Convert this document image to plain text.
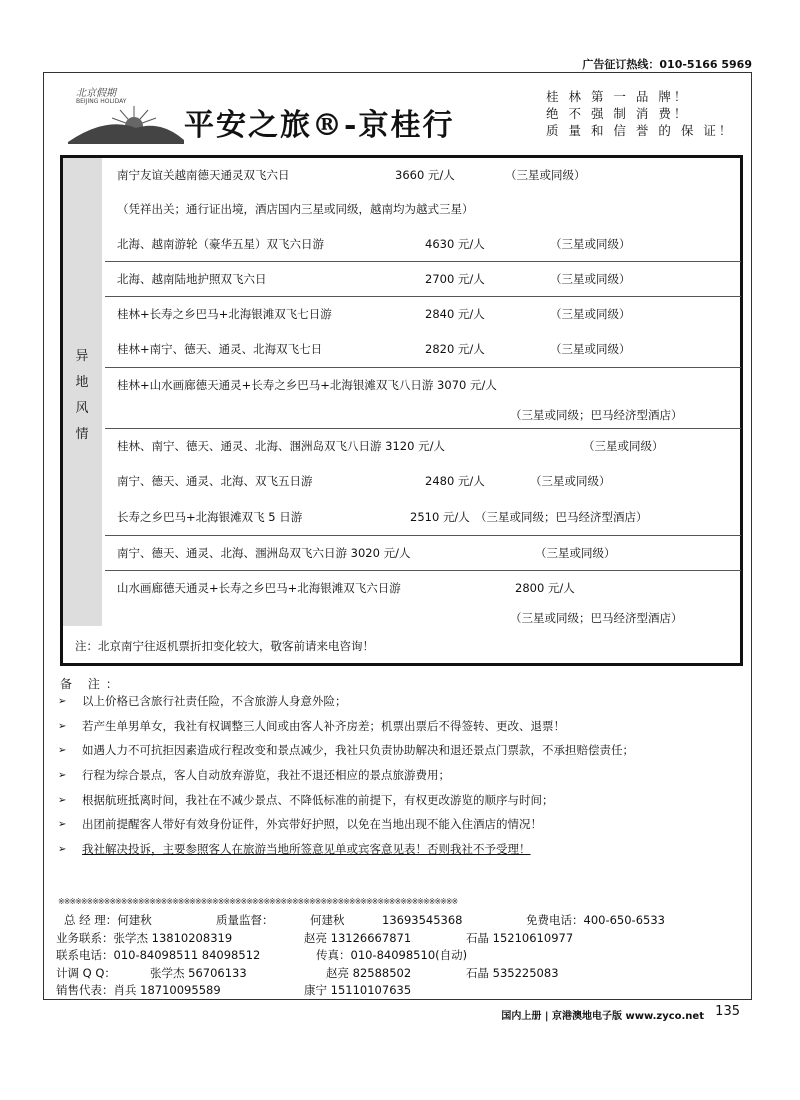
广告征订热线：010-5166 5969
北京假期
BEIJING HOLIDAY
平安之旅®-京桂行
桂 林 第 一 品 牌！
绝 不 强 制 消 费！
质 量 和 信 誉 的 保 证！
异地风情
南宁友谊关越南德天通灵双飞六日	3660 元/人	（三星或同级）
（凭祥出关；通行证出境，酒店国内三星或同级，越南均为越式三星）
北海、越南游轮（豪华五星）双飞六日游	4630 元/人	（三星或同级）
北海、越南陆地护照双飞六日	2700 元/人	（三星或同级）
桂林+长寿之乡巴马+北海银滩双飞七日游	2840 元/人	（三星或同级）
桂林+南宁、德天、通灵、北海双飞七日	2820 元/人	（三星或同级）
桂林+山水画廊德天通灵+长寿之乡巴马+北海银滩双飞八日游 3070 元/人
（三星或同级；巴马经济型酒店）
桂林、南宁、德天、通灵、北海、涠洲岛双飞八日游 3120 元/人	（三星或同级）
南宁、德天、通灵、北海、双飞五日游	2480 元/人	（三星或同级）
长寿之乡巴马+北海银滩双飞 5 日游	2510 元/人 （三星或同级；巴马经济型酒店）
南宁、德天、通灵、北海、涠洲岛双飞六日游 3020 元/人	（三星或同级）
山水画廊德天通灵+长寿之乡巴马+北海银滩双飞六日游	2800 元/人
（三星或同级；巴马经济型酒店）
注：北京南宁往返机票折扣变化较大，敬客前请来电咨询！
备 注：
➢ 以上价格已含旅行社责任险，不含旅游人身意外险；
➢ 若产生单男单女，我社有权调整三人间或由客人补齐房差；机票出票后不得签转、更改、退票！
➢ 如遇人力不可抗拒因素造成行程改变和景点减少，我社只负责协助解决和退还景点门票款，不承担赔偿责任；
➢ 行程为综合景点，客人自动放弃游览，我社不退还相应的景点旅游费用；
➢ 根据航班抵离时间，我社在不减少景点、不降低标准的前提下，有权更改游览的顺序与时间；
➢ 出团前提醒客人带好有效身份证件，外宾带好护照，以免在当地出现不能入住酒店的情况！
➢ 我社解决投诉，主要参照客人在旅游当地所签意见单或宾客意见表！否则我社不予受理！
※※※※※※※※※※※※※※※※※※※※※※※※※※※※※※※※※※※※※※※※※※※※※※※※※※※※※※※※※※※※※※※※※※※※※※
总 经 理：何建秋	质量监督：	何建秋	13693545368	免费电话：400-650-6533
业务联系：张学杰 13810208319	赵亮 13126667871	石晶 15210610977
联系电话：010-84098511 84098512	传真：010-84098510(自动)
计调 Q Q：	张学杰 56706133	赵亮 82588502	石晶 535225083
销售代表：肖兵 18710095589	康宁 15110107635
国内上册 | 京港澳地电子版 www.zyco.net 135
